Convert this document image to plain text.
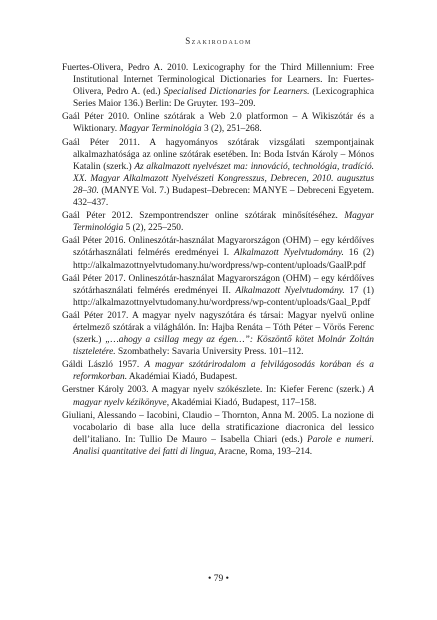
Szakirodalom

Fuertes-Olivera, Pedro A. 2010. Lexicography for the Third Millennium: Free Institutional Internet Terminological Dictionaries for Learners. In: Fuertes-Olivera, Pedro A. (ed.) Specialised Dictionaries for Learners. (Lexicographica Series Maior 136.) Berlin: De Gruyter. 193–209.

Gaál Péter 2010. Online szótárak a Web 2.0 platformon – A Wikiszótár és a Wiktionary. Magyar Terminológia 3 (2), 251–268.

Gaál Péter 2011. A hagyományos szótárak vizsgálati szempontjainak alkalmazhatósága az online szótárak esetében. In: Boda István Károly – Mónos Katalin (szerk.) Az alkalmazott nyelvészet ma: innováció, technológia, tradíció. XX. Magyar Alkalmazott Nyelvészeti Kongresszus, Debrecen, 2010. augusztus 28–30. (MANYE Vol. 7.) Budapest–Debrecen: MANYE – Debreceni Egyetem. 432–437.

Gaál Péter 2012. Szempontrendszer online szótárak minősítéséhez. Magyar Terminológia 5 (2), 225–250.

Gaál Péter 2016. Onlineszótár-használat Magyarországon (OHM) – egy kérdőíves szótárhasználati felmérés eredményei I. Alkalmazott Nyelvtudomány. 16 (2) http://alkalmazottnyelvtudomany.hu/wordpress/wp-content/uploads/GaalP.pdf

Gaál Péter 2017. Onlineszótár-használat Magyarországon (OHM) – egy kérdőíves szótárhasználati felmérés eredményei II. Alkalmazott Nyelvtudomány. 17 (1) http://alkalmazottnyelvtudomany.hu/wordpress/wp-content/uploads/Gaal_P.pdf

Gaál Péter 2017. A magyar nyelv nagyszótára és társai: Magyar nyelvű online értelmező szótárak a világhálón. In: Hajba Renáta – Tóth Péter – Vörös Ferenc (szerk.) „…ahogy a csillag megy az égen…”: Köszöntő kötet Molnár Zoltán tiszteletére. Szombathely: Savaria University Press. 101–112.

Gáldi László 1957. A magyar szótárirodalom a felvilágosodás korában és a reformkorban. Akadémiai Kiadó, Budapest.

Gerstner Károly 2003. A magyar nyelv szókészlete. In: Kiefer Ferenc (szerk.) A magyar nyelv kézikönyve, Akadémiai Kiadó, Budapest, 117–158.

Giuliani, Alessando – Iacobini, Claudio – Thornton, Anna M. 2005. La nozione di vocabolario di base alla luce della stratificazione diacronica del lessico dell’italiano. In: Tullio De Mauro – Isabella Chiari (eds.) Parole e numeri. Analisi quantitative dei fatti di lingua, Aracne, Roma, 193–214.

• 79 •
